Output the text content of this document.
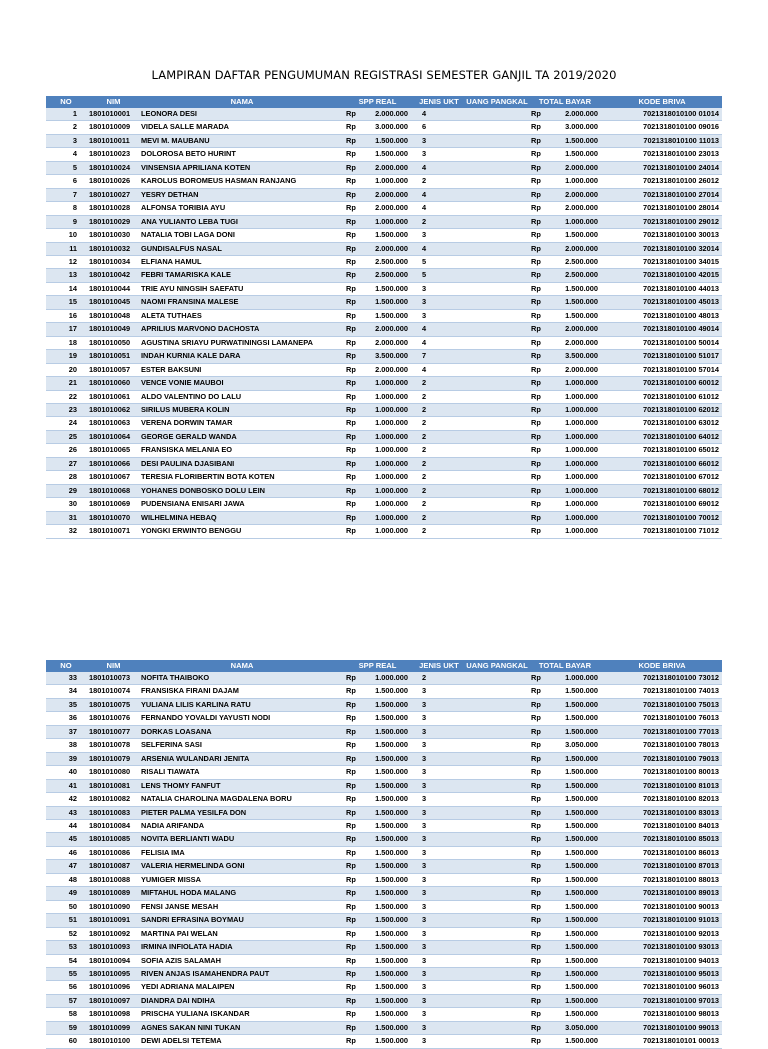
LAMPIRAN DAFTAR PENGUMUMAN REGISTRASI SEMESTER GANJIL TA 2019/2020
NO	NIM	NAMA	SPP REAL		JENIS UKT	UANG PANGKAL	TOTAL BAYAR		KODE BRIVA
1	1801010001	LEONORA DESI	Rp	2.000.000	4		Rp	2.000.000	7021318010100 01014
2	1801010009	VIDELA SALLE MARADA	Rp	3.000.000	6		Rp	3.000.000	7021318010100 09016
3	1801010011	MEVI M. MAUBANU	Rp	1.500.000	3		Rp	1.500.000	7021318010100 11013
4	1801010023	DOLOROSA BETO HURINT	Rp	1.500.000	3		Rp	1.500.000	7021318010100 23013
5	1801010024	VINSENSIA APRILIANA KOTEN	Rp	2.000.000	4		Rp	2.000.000	7021318010100 24014
6	1801010026	KAROLUS BOROMEUS HASMAN RANJANG	Rp	1.000.000	2		Rp	1.000.000	7021318010100 26012
7	1801010027	YESRY DETHAN	Rp	2.000.000	4		Rp	2.000.000	7021318010100 27014
8	1801010028	ALFONSA TORIBIA AYU	Rp	2.000.000	4		Rp	2.000.000	7021318010100 28014
9	1801010029	ANA YULIANTO LEBA TUGI	Rp	1.000.000	2		Rp	1.000.000	7021318010100 29012
10	1801010030	NATALIA TOBI LAGA DONI	Rp	1.500.000	3		Rp	1.500.000	7021318010100 30013
11	1801010032	GUNDISALFUS NASAL	Rp	2.000.000	4		Rp	2.000.000	7021318010100 32014
12	1801010034	ELFIANA HAMUL	Rp	2.500.000	5		Rp	2.500.000	7021318010100 34015
13	1801010042	FEBRI TAMARISKA KALE	Rp	2.500.000	5		Rp	2.500.000	7021318010100 42015
14	1801010044	TRIE AYU NINGSIH SAEFATU	Rp	1.500.000	3		Rp	1.500.000	7021318010100 44013
15	1801010045	NAOMI FRANSINA MALESE	Rp	1.500.000	3		Rp	1.500.000	7021318010100 45013
16	1801010048	ALETA TUTHAES	Rp	1.500.000	3		Rp	1.500.000	7021318010100 48013
17	1801010049	APRILIUS MARVONO DACHOSTA	Rp	2.000.000	4		Rp	2.000.000	7021318010100 49014
18	1801010050	AGUSTINA SRIAYU PURWATININGSI LAMANEPA	Rp	2.000.000	4		Rp	2.000.000	7021318010100 50014
19	1801010051	INDAH KURNIA KALE DARA	Rp	3.500.000	7		Rp	3.500.000	7021318010100 51017
20	1801010057	ESTER BAKSUNI	Rp	2.000.000	4		Rp	2.000.000	7021318010100 57014
21	1801010060	VENCE VONIE MAUBOI	Rp	1.000.000	2		Rp	1.000.000	7021318010100 60012
22	1801010061	ALDO VALENTINO DO LALU	Rp	1.000.000	2		Rp	1.000.000	7021318010100 61012
23	1801010062	SIRILUS MUBERA KOLIN	Rp	1.000.000	2		Rp	1.000.000	7021318010100 62012
24	1801010063	VERENA DORWIN TAMAR	Rp	1.000.000	2		Rp	1.000.000	7021318010100 63012
25	1801010064	GEORGE GERALD WANDA	Rp	1.000.000	2		Rp	1.000.000	7021318010100 64012
26	1801010065	FRANSISKA MELANIA EO	Rp	1.000.000	2		Rp	1.000.000	7021318010100 65012
27	1801010066	DESI PAULINA DJASIBANI	Rp	1.000.000	2		Rp	1.000.000	7021318010100 66012
28	1801010067	TERESIA FLORIBERTIN BOTA KOTEN	Rp	1.000.000	2		Rp	1.000.000	7021318010100 67012
29	1801010068	YOHANES DONBOSKO DOLU LEIN	Rp	1.000.000	2		Rp	1.000.000	7021318010100 68012
30	1801010069	PUDENSIANA ENISARI JAWA	Rp	1.000.000	2		Rp	1.000.000	7021318010100 69012
31	1801010070	WILHELMINA HEBAQ	Rp	1.000.000	2		Rp	1.000.000	7021318010100 70012
32	1801010071	YONGKI ERWINTO BENGGU	Rp	1.000.000	2		Rp	1.000.000	7021318010100 71012
NO	NIM	NAMA	SPP REAL		JENIS UKT	UANG PANGKAL	TOTAL BAYAR		KODE BRIVA
33	1801010073	NOFITA THAIBOKO	Rp	1.000.000	2		Rp	1.000.000	7021318010100 73012
34	1801010074	FRANSISKA FIRANI DAJAM	Rp	1.500.000	3		Rp	1.500.000	7021318010100 74013
35	1801010075	YULIANA LILIS KARLINA RATU	Rp	1.500.000	3		Rp	1.500.000	7021318010100 75013
36	1801010076	FERNANDO YOVALDI YAYUSTI NODI	Rp	1.500.000	3		Rp	1.500.000	7021318010100 76013
37	1801010077	DORKAS LOASANA	Rp	1.500.000	3		Rp	1.500.000	7021318010100 77013
38	1801010078	SELFERINA SASI	Rp	1.500.000	3		Rp	3.050.000	7021318010100 78013
39	1801010079	ARSENIA WULANDARI JENITA	Rp	1.500.000	3		Rp	1.500.000	7021318010100 79013
40	1801010080	RISALI TIAWATA	Rp	1.500.000	3		Rp	1.500.000	7021318010100 80013
41	1801010081	LENS THOMY FANFUT	Rp	1.500.000	3		Rp	1.500.000	7021318010100 81013
42	1801010082	NATALIA CHAROLINA MAGDALENA BORU	Rp	1.500.000	3		Rp	1.500.000	7021318010100 82013
43	1801010083	PIETER PALMA YESILFA DON	Rp	1.500.000	3		Rp	1.500.000	7021318010100 83013
44	1801010084	NADIA ARIFANDA	Rp	1.500.000	3		Rp	1.500.000	7021318010100 84013
45	1801010085	NOVITA BERLIANTI WADU	Rp	1.500.000	3		Rp	1.500.000	7021318010100 85013
46	1801010086	FELISIA IMA	Rp	1.500.000	3		Rp	1.500.000	7021318010100 86013
47	1801010087	VALERIA HERMELINDA GONI	Rp	1.500.000	3		Rp	1.500.000	7021318010100 87013
48	1801010088	YUMIGER MISSA	Rp	1.500.000	3		Rp	1.500.000	7021318010100 88013
49	1801010089	MIFTAHUL HODA MALANG	Rp	1.500.000	3		Rp	1.500.000	7021318010100 89013
50	1801010090	FENSI JANSE MESAH	Rp	1.500.000	3		Rp	1.500.000	7021318010100 90013
51	1801010091	SANDRI EFRASINA BOYMAU	Rp	1.500.000	3		Rp	1.500.000	7021318010100 91013
52	1801010092	MARTINA PAI WELAN	Rp	1.500.000	3		Rp	1.500.000	7021318010100 92013
53	1801010093	IRMINA INFIOLATA HADIA	Rp	1.500.000	3		Rp	1.500.000	7021318010100 93013
54	1801010094	SOFIA AZIS SALAMAH	Rp	1.500.000	3		Rp	1.500.000	7021318010100 94013
55	1801010095	RIVEN ANJAS ISAMAHENDRA PAUT	Rp	1.500.000	3		Rp	1.500.000	7021318010100 95013
56	1801010096	YEDI ADRIANA MALAIPEN	Rp	1.500.000	3		Rp	1.500.000	7021318010100 96013
57	1801010097	DIANDRA DAI NDIHA	Rp	1.500.000	3		Rp	1.500.000	7021318010100 97013
58	1801010098	PRISCHA YULIANA ISKANDAR	Rp	1.500.000	3		Rp	1.500.000	7021318010100 98013
59	1801010099	AGNES SAKAN NINI TUKAN	Rp	1.500.000	3		Rp	3.050.000	7021318010100 99013
60	1801010100	DEWI ADELSI TETEMA	Rp	1.500.000	3		Rp	1.500.000	7021318010101 00013
